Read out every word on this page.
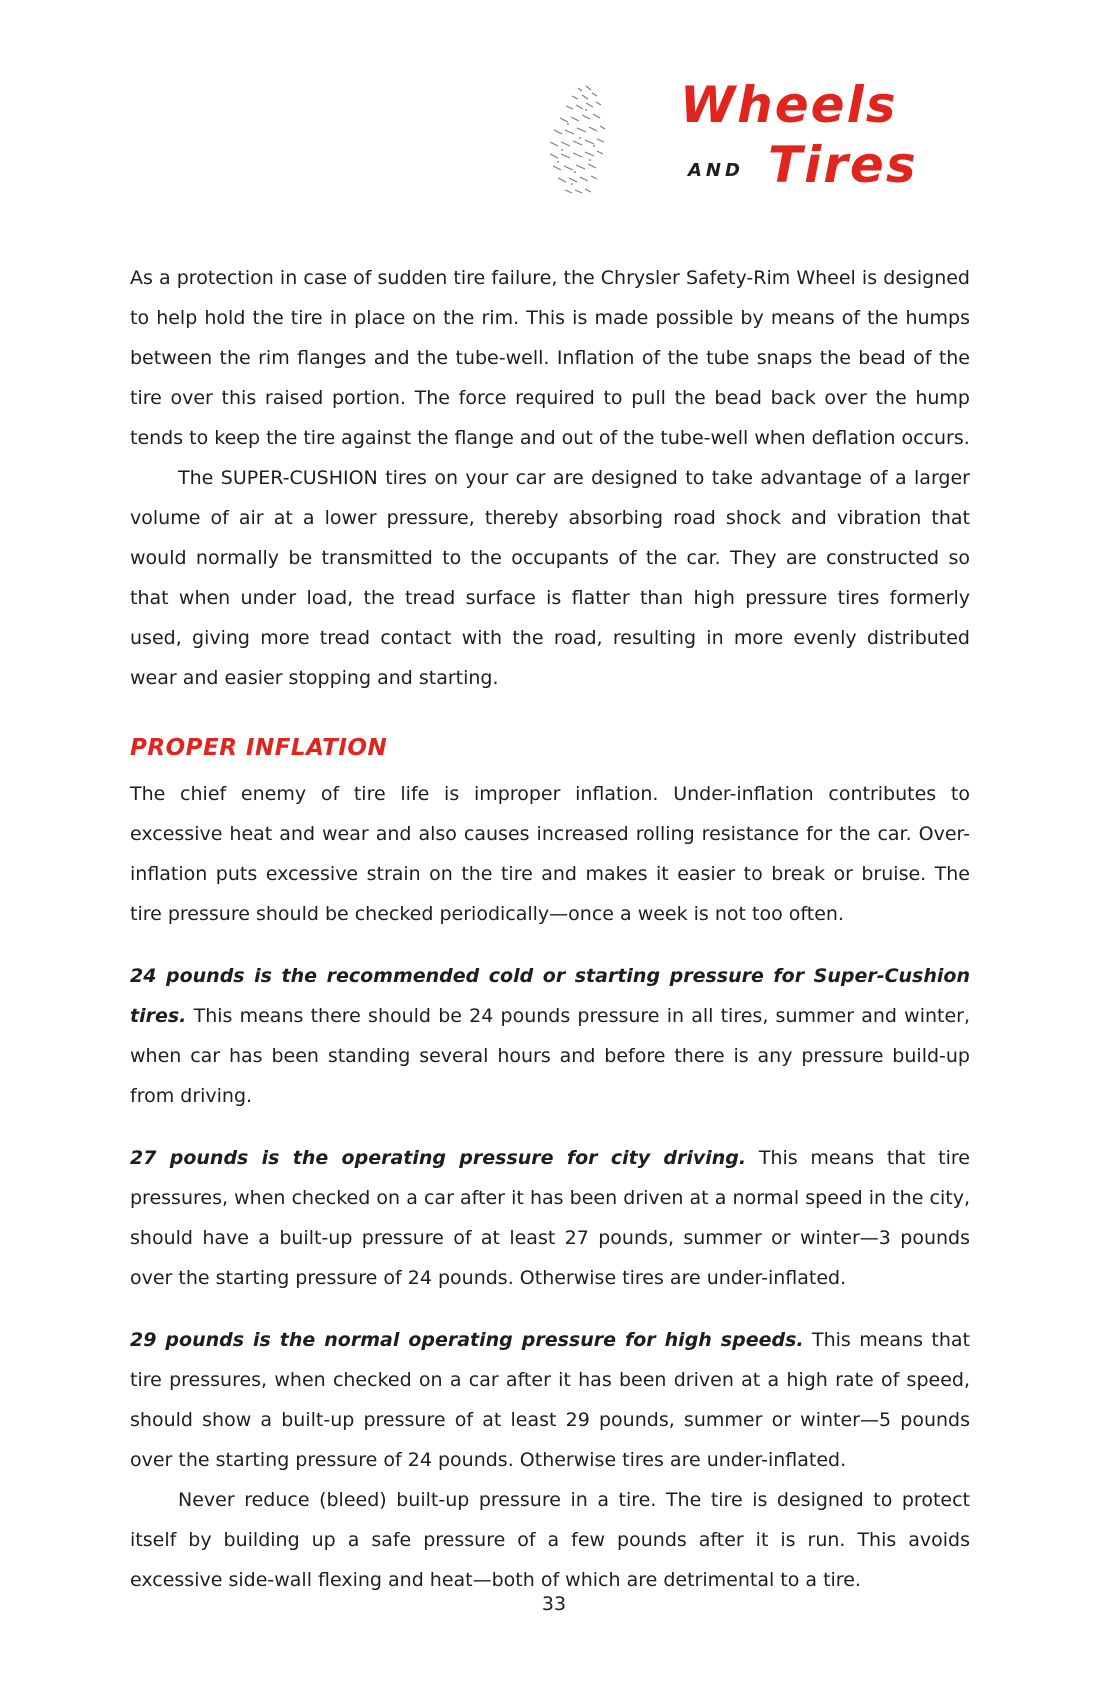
Wheels
AND Tires

As a protection in case of sudden tire failure, the Chrysler Safety-Rim Wheel is designed to help hold the tire in place on the rim. This is made possible by means of the humps between the rim flanges and the tube-well. Inflation of the tube snaps the bead of the tire over this raised portion. The force required to pull the bead back over the hump tends to keep the tire against the flange and out of the tube-well when deflation occurs.

The SUPER-CUSHION tires on your car are designed to take advantage of a larger volume of air at a lower pressure, thereby absorbing road shock and vibration that would normally be transmitted to the occupants of the car. They are constructed so that when under load, the tread surface is flatter than high pressure tires formerly used, giving more tread contact with the road, resulting in more evenly distributed wear and easier stopping and starting.

PROPER INFLATION

The chief enemy of tire life is improper inflation. Under-inflation contributes to excessive heat and wear and also causes increased rolling resistance for the car. Over-inflation puts excessive strain on the tire and makes it easier to break or bruise. The tire pressure should be checked periodically—once a week is not too often.

24 pounds is the recommended cold or starting pressure for Super-Cushion tires. This means there should be 24 pounds pressure in all tires, summer and winter, when car has been standing several hours and before there is any pressure build-up from driving.

27 pounds is the operating pressure for city driving. This means that tire pressures, when checked on a car after it has been driven at a normal speed in the city, should have a built-up pressure of at least 27 pounds, summer or winter—3 pounds over the starting pressure of 24 pounds. Otherwise tires are under-inflated.

29 pounds is the normal operating pressure for high speeds. This means that tire pressures, when checked on a car after it has been driven at a high rate of speed, should show a built-up pressure of at least 29 pounds, summer or winter—5 pounds over the starting pressure of 24 pounds. Otherwise tires are under-inflated.

Never reduce (bleed) built-up pressure in a tire. The tire is designed to protect itself by building up a safe pressure of a few pounds after it is run. This avoids excessive side-wall flexing and heat—both of which are detrimental to a tire.

33
